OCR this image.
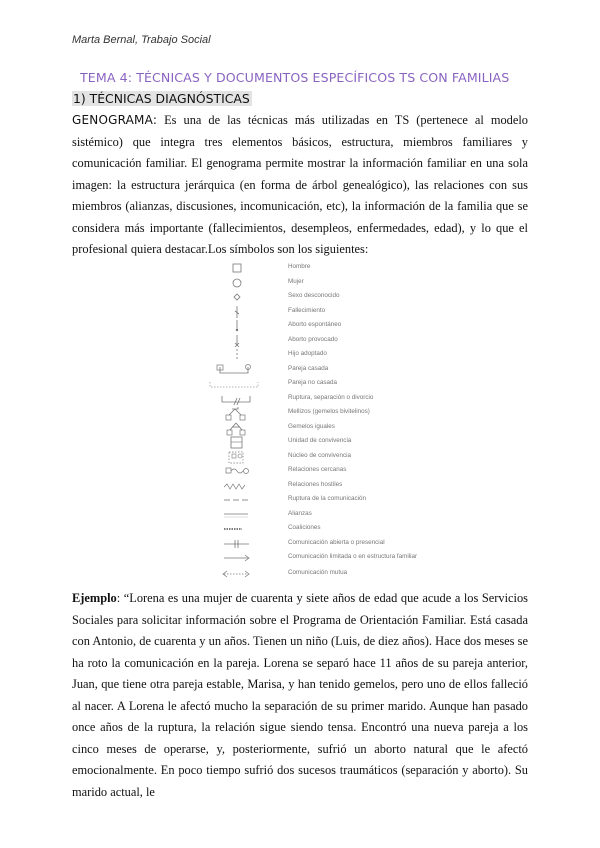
Marta Bernal, Trabajo Social
TEMA 4: TÉCNICAS Y DOCUMENTOS ESPECÍFICOS TS CON FAMILIAS
1) TÉCNICAS DIAGNÓSTICAS

GENOGRAMA: Es una de las técnicas más utilizadas en TS (pertenece al modelo sistémico) que integra tres elementos básicos, estructura, miembros familiares y comunicación familiar. El genograma permite mostrar la información familiar en una sola imagen: la estructura jerárquica (en forma de árbol genealógico), las relaciones con sus miembros (alianzas, discusiones, incomunicación, etc), la información de la familia que se considera más importante (fallecimientos, desempleos, enfermedades, edad), y lo que el profesional quiera destacar.Los símbolos son los siguientes:

Hombre
Mujer
Sexo desconocido
Fallecimiento
Aborto espontáneo
Aborto provocado
Hijo adoptado
Pareja casada
Pareja no casada
Ruptura, separación o divorcio
Mellizos (gemelos bivitelinos)
Gemelos iguales
Unidad de convivencia
Núcleo de convivencia
Relaciones cercanas
Relaciones hostiles
Ruptura de la comunicación
Alianzas
Coaliciones
Comunicación abierta o presencial
Comunicación limitada o en estructura familiar
Comunicación mutua

Ejemplo: “Lorena es una mujer de cuarenta y siete años de edad que acude a los Servicios Sociales para solicitar información sobre el Programa de Orientación Familiar. Está casada con Antonio, de cuarenta y un años. Tienen un niño (Luis, de diez años). Hace dos meses se ha roto la comunicación en la pareja. Lorena se separó hace 11 años de su pareja anterior, Juan, que tiene otra pareja estable, Marisa, y han tenido gemelos, pero uno de ellos falleció al nacer. A Lorena le afectó mucho la separación de su primer marido. Aunque han pasado once años de la ruptura, la relación sigue siendo tensa. Encontró una nueva pareja a los cinco meses de operarse, y, posteriormente, sufrió un aborto natural que le afectó emocionalmente. En poco tiempo sufrió dos sucesos traumáticos (separación y aborto). Su marido actual, le
